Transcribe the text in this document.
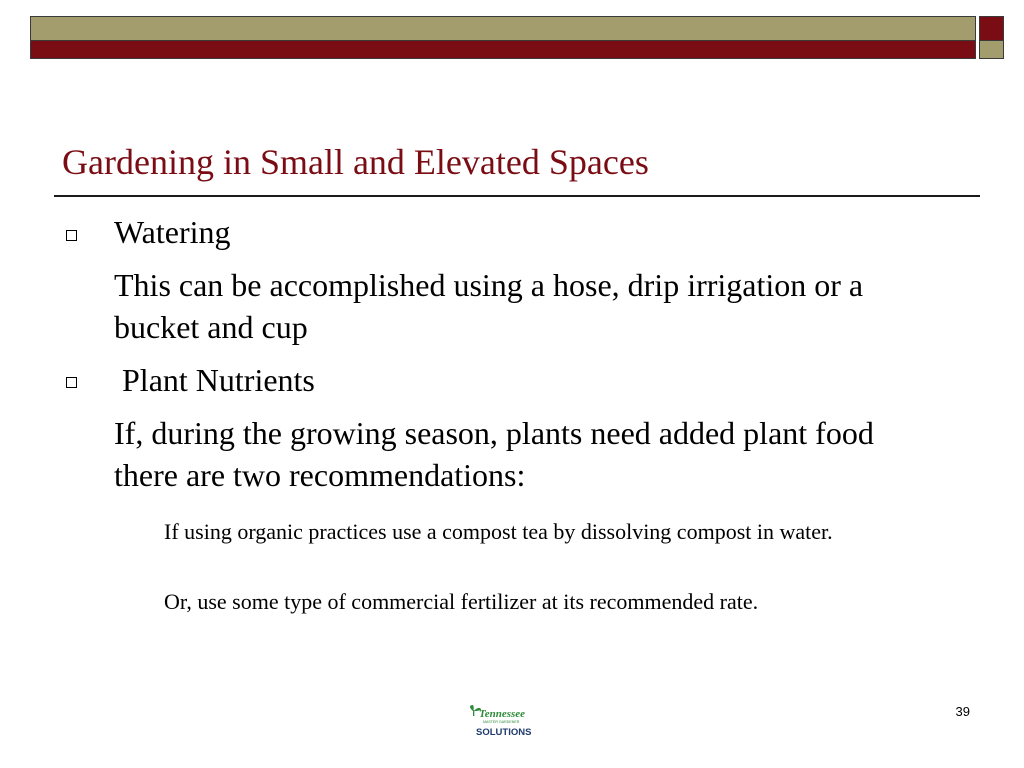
Gardening in Small and Elevated Spaces
Watering
This can be accomplished using a hose, drip irrigation or a bucket and cup
Plant Nutrients
If, during the growing season, plants need added plant food there are two recommendations:
If using organic practices use a compost tea by dissolving compost in water.
Or, use some type of commercial fertilizer at its recommended rate.
Tennessee
MASTER GARDENER
SOLUTIONS
39
